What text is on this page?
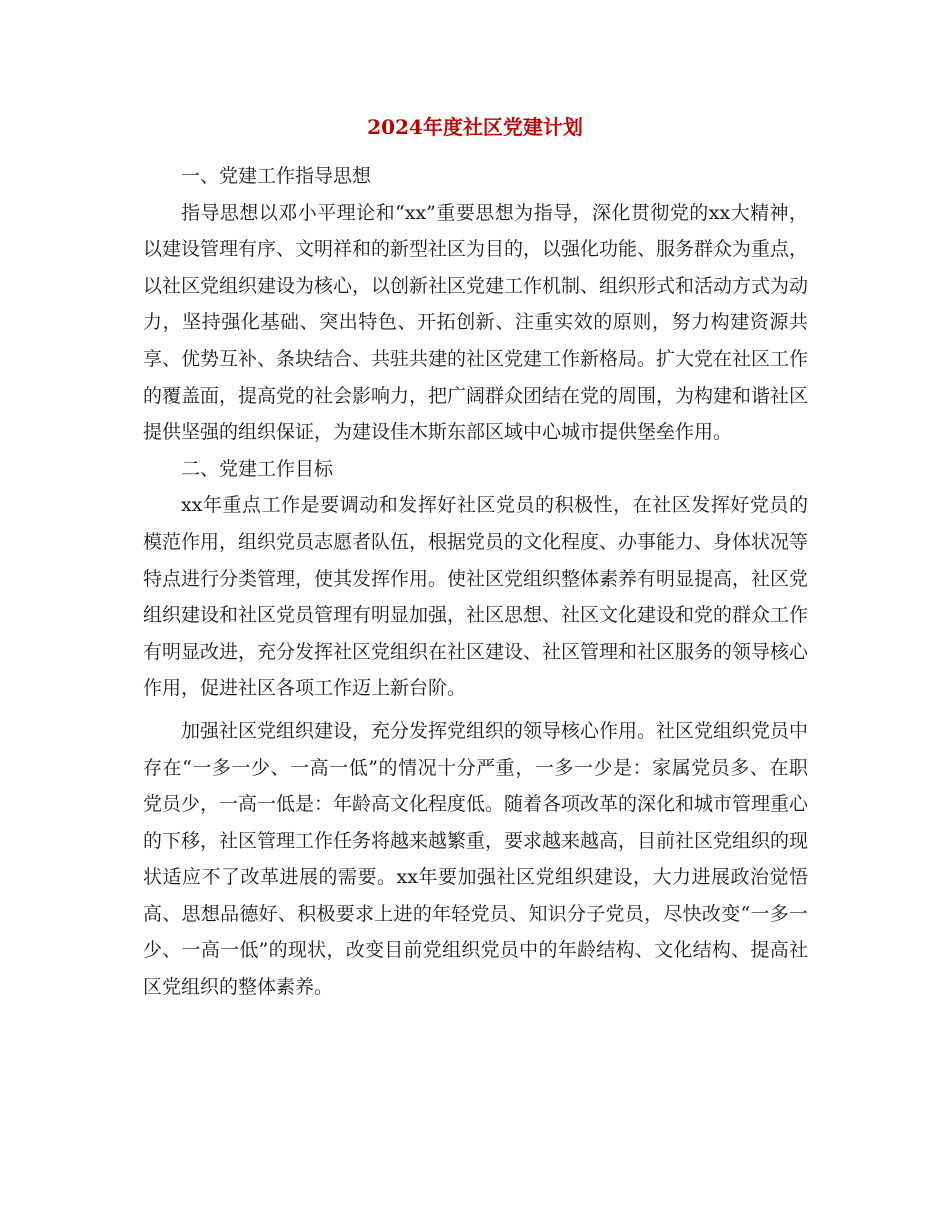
2024年度社区党建计划

一、党建工作指导思想

指导思想以邓小平理论和“xx”重要思想为指导，深化贯彻党的xx大精神，以建设管理有序、文明祥和的新型社区为目的，以强化功能、服务群众为重点，以社区党组织建设为核心，以创新社区党建工作机制、组织形式和活动方式为动力，坚持强化基础、突出特色、开拓创新、注重实效的原则，努力构建资源共享、优势互补、条块结合、共驻共建的社区党建工作新格局。扩大党在社区工作的覆盖面，提高党的社会影响力，把广阔群众团结在党的周围，为构建和谐社区提供坚强的组织保证，为建设佳木斯东部区域中心城市提供堡垒作用。

二、党建工作目标

xx年重点工作是要调动和发挥好社区党员的积极性，在社区发挥好党员的模范作用，组织党员志愿者队伍，根据党员的文化程度、办事能力、身体状况等特点进行分类管理，使其发挥作用。使社区党组织整体素养有明显提高，社区党组织建设和社区党员管理有明显加强，社区思想、社区文化建设和党的群众工作有明显改进，充分发挥社区党组织在社区建设、社区管理和社区服务的领导核心作用，促进社区各项工作迈上新台阶。

加强社区党组织建设，充分发挥党组织的领导核心作用。社区党组织党员中存在“一多一少、一高一低”的情况十分严重，一多一少是：家属党员多、在职党员少，一高一低是：年龄高文化程度低。随着各项改革的深化和城市管理重心的下移，社区管理工作任务将越来越繁重，要求越来越高，目前社区党组织的现状适应不了改革进展的需要。xx年要加强社区党组织建设，大力进展政治觉悟高、思想品德好、积极要求上进的年轻党员、知识分子党员，尽快改变“一多一少、一高一低”的现状，改变目前党组织党员中的年龄结构、文化结构、提高社区党组织的整体素养。
